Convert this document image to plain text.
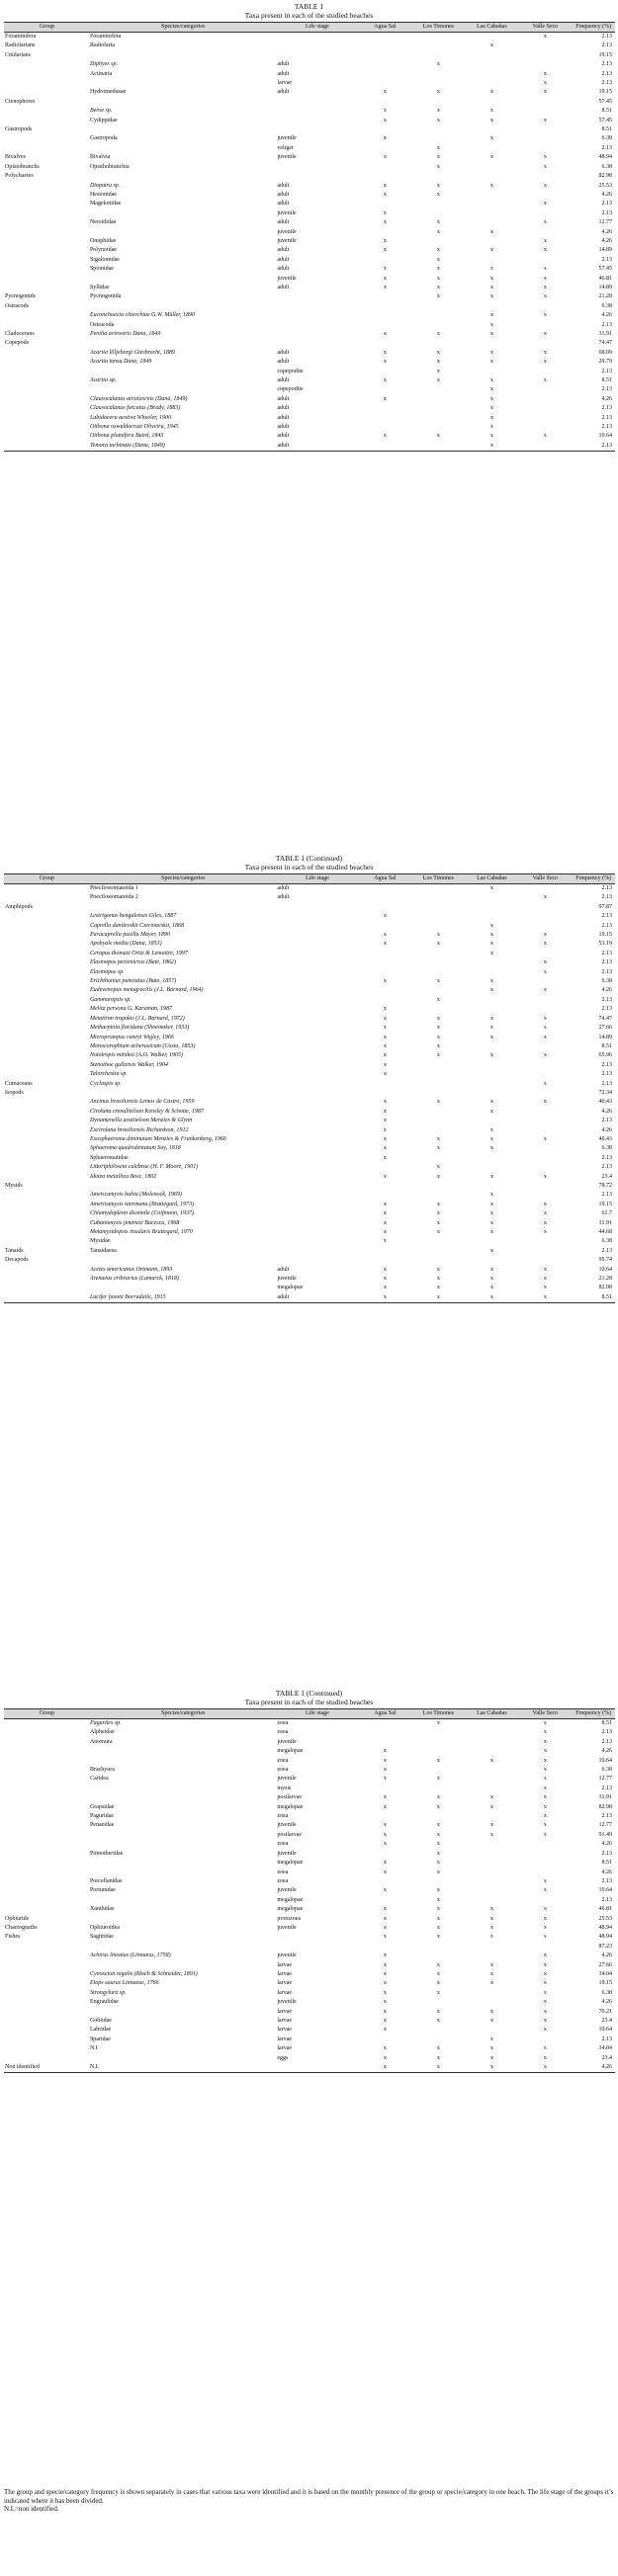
TABLE 1

Taxa present in each of the studied beaches

Group	Species/categories	Life stage	Agua Sal	Los Timones	Las Cabañas	Valle Seco	Frequency (%)
Foraminifera	Foraminifera					x	2.13
Radiolarians	Radiolaria				x		2.13
Cnidarians							19.15
	Diphyes sp.	adult		x			2.13
	Actinaria	adult				x	2.13
		larvae				x	2.13
	Hydromedusae	adult	x	x	x	x	19.15
Ctenophores							57.45
	Beroe sp.		x	x	x		8.51
	Cydippidae		x	x	x	x	57.45
Gastropods							8.51
	Gastropoda	juvenile	x		x		6.38
		veliger		x			2.13
Bivalves	Bivalvia	juvenile	x	x	x	x	48.94
Opistobranchs	Opisthobranchia			x		x	6.38
Polychaetes							82.98
	Diopatra sp.	adult	x	x	x	x	25.53
	Hesionidae	adult	x	x			4.26
	Magelonidae	adult				x	2.13
		juvenile	x				2.13
	Nereididae	adult	x	x		x	12.77
		juvenile		x	x		4.26
	Onuphidae	juvenile	x			x	4.26
	Polynoidae	adult	x	x	x	x	14.89
	Sigalionidae	adult		x			2.13
	Spionidae	adult	x	x	x	x	57.45
		juvenile	x	x	x	x	46.81
	Syllidae	adult	x	x	x	x	14.89
Pycnogonids	Pycnogonida			x	x	x	21.28
Ostracods							6.38
	Euconchoecia chierchiae G.W. Müller, 1890				x	x	4.26
	Ostracoda				x		2.13
Cladocerans	Penilia avirostris Dana, 1849		x	x	x	x	31.91
Copepods							74.47
	Acartia lilljeborgi Giesbrecht, 1889	adult	x	x	x	x	68.09
	Acartia tonsa Dana, 1849	adult	x	x	x	x	29.79
		copepodite		x			2.13
	Acartia sp.	adult	x	x	x	x	8.51
		copepodite			x		2.13
	Clausocalanus arcuicornis (Dana, 1849)	adult	x		x		4.26
	Clausocalanus furcatus (Brady, 1883)	adult			x		2.13
	Labidocera aestiva Wheeler, 1900	adult			x		2.13
	Oithona oswaldocruzi Oliveira, 1945	adult			x		2.13
	Oithona plumifera Baird, 1843	adult	x	x	x	x	10.64
	Temora turbinata (Dana, 1849)	adult			x		2.13

TABLE 1 (Continued)

Taxa present in each of the studied beaches

Group	Species/categories	Life stage	Agua Sal	Los Timones	Las Cabañas	Valle Seco	Frequency (%)
	Poecilostomatoida 1	adult			x		2.13
	Poecilostomatoida 2	adult				x	2.13
Amphipods							97.87
	Lestrigonus bengalensis Giles, 1887		x				2.13
	Caprella danilevskii Czerniavskii, 1868				x		2.13
	Paracaprella pusilla Mayer, 1890		x	x	x	x	19.15
	Apohyale media (Dana, 1853)		x	x	x	x	53.19
	Cerapus thomasi Ortiz & Lemaitre, 1997				x		2.13
	Elasmopus pectenicrus (Bate, 1862)					x	2.13
	Elasmopus sp.					x	2.13
	Erichthonius punctatus (Bate, 1857)		x	x	x		6.38
	Eudevenopus metagracilis (J.L. Barnard, 1964)				x	x	4.26
	Gammaropsis sp.			x			2.13
	Melita persona G. Karaman, 1987		x				2.13
	Metatiron tropakis (J.L. Barnard, 1972)		x	x	x	x	74.47
	Metharpinia floridana (Shoemaker, 1933)		x	x	x	x	27.66
	Microprotopus raneyi Wigley, 1966		x	x	x	x	14.89
	Monocorophium acherusicum (Costa, 1853)		x	x			8.51
	Nototropis minikoi (A.O. Walker, 1905)		x	x	x	x	65.96
	Stenothoe gallensis Walker, 1904		x				2.13
	Talorchestia sp.		x				2.13
Cumaceans	Cyclaspis sp.					x	2.13
Isopods							72.34
	Ancinus brasiliensis Lemos de Castro, 1959		x	x	x	x	40.43
	Cirolana crenulitelson Kensley & Schotte, 1987		x		x		4.26
	Dynamenella acutitelson Menzies & Glynn		x				2.13
	Excirolana brasiliensis Richardson, 1912		x		x		4.26
	Exosphaeroma diminutum Menzies & Frankenberg, 1966		x	x	x	x	40.43
	Sphaeroma quadridentatum Say, 1818		x	x	x		6.38
	Sphaeromatidae		x				2.13
	Littoriphiloscia culebrae (H. F. Moore, 1901)			x			2.13
	Idotea metallica Bosc, 1802		x	x	x	x	23.4
Mysids							78.72
	Americamysis bahia (Molenock, 1969)				x		2.13
	Americamysis taironana (Brattegard, 1973)		x	x	x	x	19.15
	Chlamydopleon dissimile (Coifmann, 1937)		x	x	x	x	61.7
	Cubanomysis jimenezi Bacescu, 1968		x	x	x	x	31.91
	Metamysidopsis insularis Brattegard, 1970		x	x	x	x	44.68
	Mysidae		x				6.38
Tanaids	Tanaidacea				x		2.13
Decapods							95.74
	Acetes americanus Ortmann, 1893	adult	x	x	x	x	10.64
	Arenaeus cribrarius (Lamarck, 1818)	juvenile	x	x	x	x	21.28
		megalopae	x	x	x	x	82.98
	Lucifer faxoni Borradaile, 1915	adult	x	x	x	x	8.51

TABLE 1 (Continued)

Taxa present in each of the studied beaches

Group	Species/categories	Life stage	Agua Sal	Los Timones	Las Cabañas	Valle Seco	Frequency (%)
	Pagurites sp.	zoea		x		x	8.51
	Alpheidae	zoea				x	2.13
	Anomura	juvenile				x	2.13
		megalopae	x			x	4.26
		zoea	x	x	x	x	10.64
	Brachyura	zoea	x			x	6.38
	Caridea	juvenile	x	x		x	12.77
		mysis				x	2.13
		postlarvae	x	x	x	x	31.91
	Grapsidae	megalopae	x	x	x	x	82.98
	Paguridae	zoea				x	2.13
	Penaeidae	juvenile	x	x	x	x	12.77
		postlarvae	x	x	x	x	91.49
		zoea	x	x			4.26
	Pinnotheridae	juvenile		x			2.13
		megalopae	x	x			8.51
		zoea	x	x			4.26
	Porcellanidae	zoea				x	2.13
	Portunidae	juvenile	x	x		x	10.64
		megalopae		x			2.13
	Xanthidae	megalopae	x	x	x	x	46.81
Ophiurids		protozoea	x	x	x	x	25.53
Chaetognaths	Ophiuroidea	juvenile	x	x	x	x	48.94
Fishes	Sagittidae		x	x	x	x	48.94
							87.23
	Achirus lineatus (Linnaeus, 1758)	juvenile	x			x	4.26
		larvae	x	x	x	x	27.66
	Cynoscion regalis (Bloch & Schneider, 1801)	larvae	x	x	x	x	34.04
	Elops saurus Linnaeus, 1766	larvae	x	x	x	x	19.15
	Strongylura sp.	larvae	x	x		x	6.38
	Engraulidae	juvenile	x			x	4.26
		larvae	x	x	x	x	70.21
	Gobiidae	larvae	x	x	x	x	23.4
	Labridae	larvae	x			x	10.64
	Sparidae	larvae			x		2.13
	N.I	larvae	x	x	x	x	34.04
		eggs	x	x	x	x	23.4
Non identified	N.I.		x	x	x	x	4.26

The group and specie/category frequency is shown separately in cases that various taxa were identified and it is based on the monthly presence of the group or specie/category in one beach. The life stage of the groups it’s indicated where it has been divided.

N.I.=non identified.
